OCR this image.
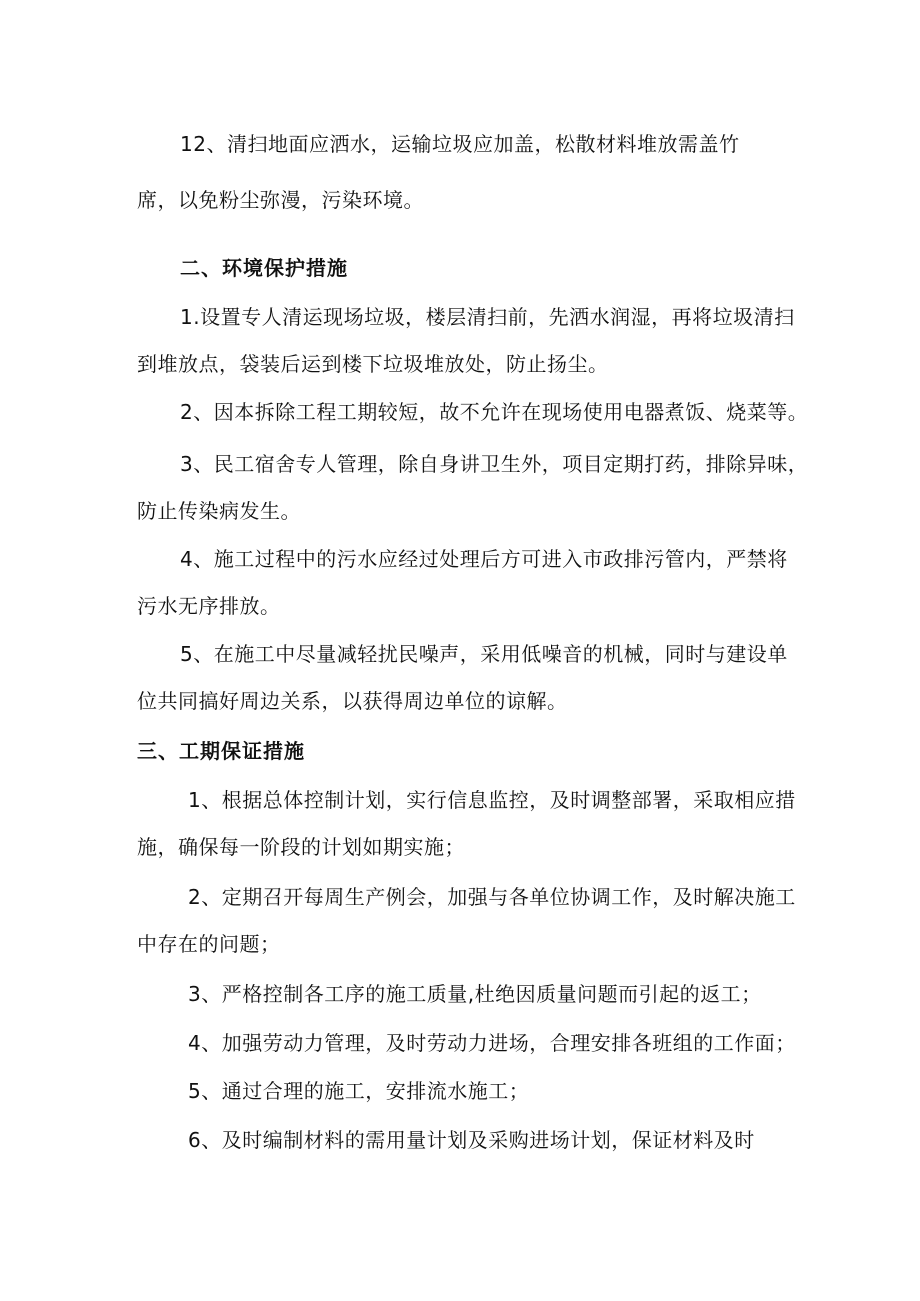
12、清扫地面应洒水，运输垃圾应加盖，松散材料堆放需盖竹
席，以免粉尘弥漫，污染环境。
二、环境保护措施
1.设置专人清运现场垃圾，楼层清扫前，先洒水润湿，再将垃圾清扫
到堆放点，袋装后运到楼下垃圾堆放处，防止扬尘。
2、因本拆除工程工期较短，故不允许在现场使用电器煮饭、烧菜等。
3、民工宿舍专人管理，除自身讲卫生外，项目定期打药，排除异味，
防止传染病发生。
4、施工过程中的污水应经过处理后方可进入市政排污管内，严禁将
污水无序排放。
5、在施工中尽量减轻扰民噪声，采用低噪音的机械，同时与建设单
位共同搞好周边关系，以获得周边单位的谅解。
三、工期保证措施
1、根据总体控制计划，实行信息监控，及时调整部署，采取相应措
施，确保每一阶段的计划如期实施；
2、定期召开每周生产例会，加强与各单位协调工作，及时解决施工
中存在的问题；
3、严格控制各工序的施工质量,杜绝因质量问题而引起的返工；
4、加强劳动力管理，及时劳动力进场，合理安排各班组的工作面；
5、通过合理的施工，安排流水施工；
6、及时编制材料的需用量计划及采购进场计划，保证材料及时
